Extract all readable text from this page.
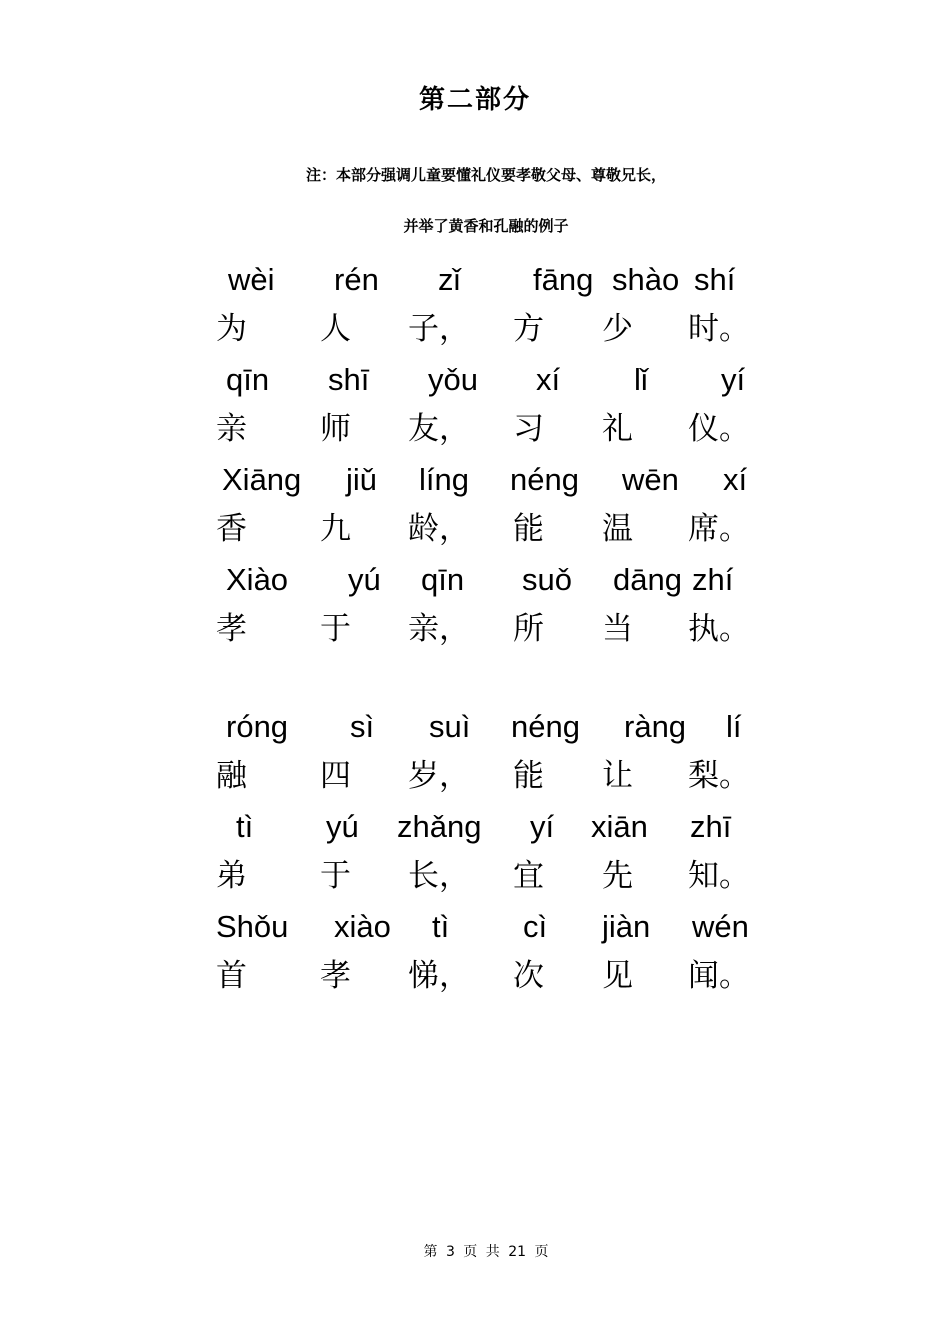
第二部分
注：本部分强调儿童要懂礼仪要孝敬父母、尊敬兄长，
并举了黄香和孔融的例子
wèi rén zǐ fāng shào shí
为 人 子， 方 少 时。
qīn shī yǒu xí lǐ yí
亲 师 友， 习 礼 仪。
Xiāng jiǔ líng néng wēn xí
香 九 龄， 能 温 席。
Xiào yú qīn suǒ dāng zhí
孝 于 亲， 所 当 执。
róng sì suì néng ràng lí
融 四 岁， 能 让 梨。
tì yú zhǎng yí xiān zhī
弟 于 长， 宜 先 知。
Shǒu xiào tì cì jiàn wén
首 孝 悌， 次 见 闻。
第 3 页 共 21 页
